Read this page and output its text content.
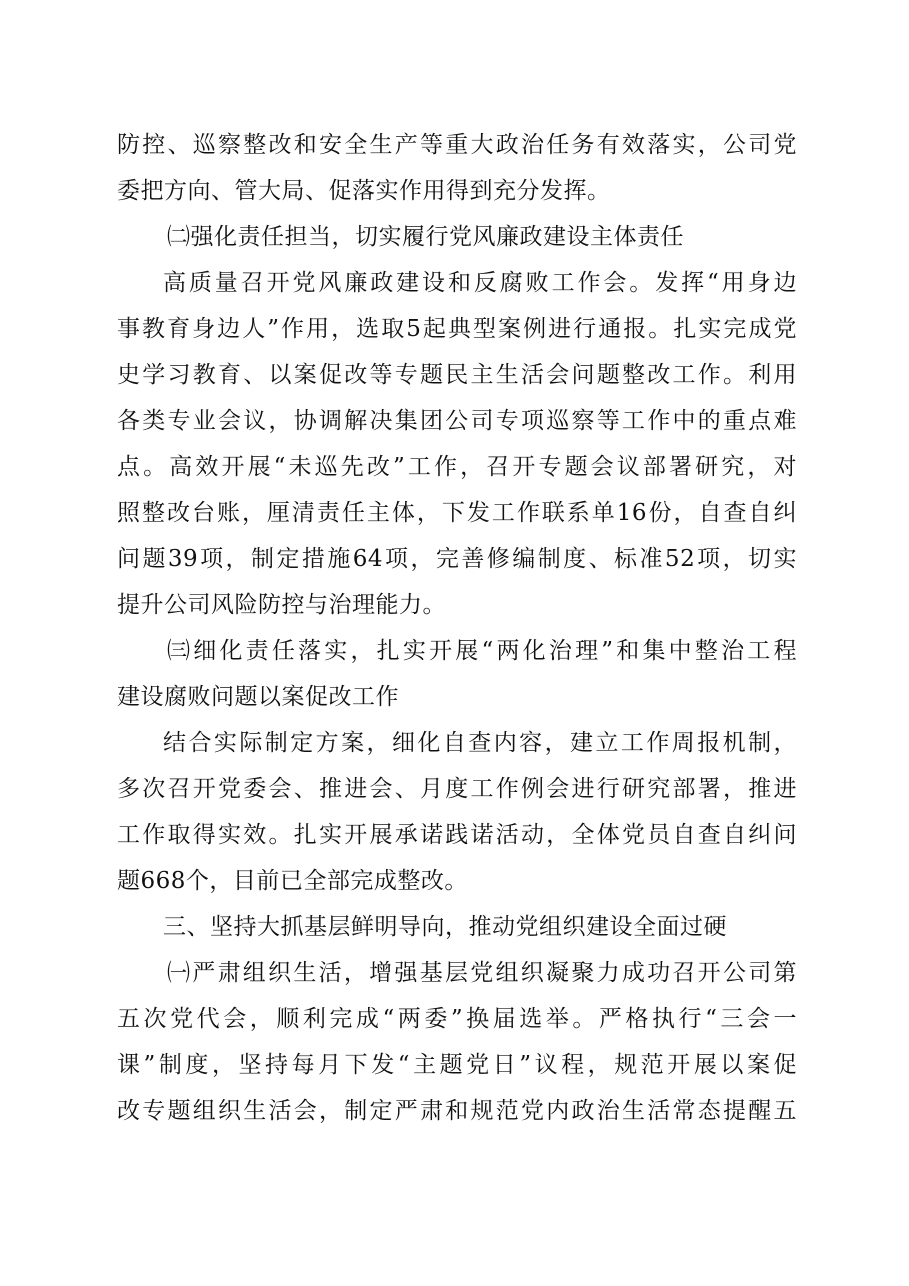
防控、巡察整改和安全生产等重大政治任务有效落实，公司党
委把方向、管大局、促落实作用得到充分发挥。
㈡强化责任担当，切实履行党风廉政建设主体责任
高质量召开党风廉政建设和反腐败工作会。发挥“用身边
事教育身边人”作用，选取5起典型案例进行通报。扎实完成党
史学习教育、以案促改等专题民主生活会问题整改工作。利用
各类专业会议，协调解决集团公司专项巡察等工作中的重点难
点。高效开展“未巡先改”工作，召开专题会议部署研究，对
照整改台账，厘清责任主体，下发工作联系单16份，自查自纠
问题39项，制定措施64项，完善修编制度、标准52项，切实
提升公司风险防控与治理能力。
㈢细化责任落实，扎实开展“两化治理”和集中整治工程
建设腐败问题以案促改工作
结合实际制定方案，细化自查内容，建立工作周报机制，
多次召开党委会、推进会、月度工作例会进行研究部署，推进
工作取得实效。扎实开展承诺践诺活动，全体党员自查自纠问
题668个，目前已全部完成整改。
三、坚持大抓基层鲜明导向，推动党组织建设全面过硬
㈠严肃组织生活，增强基层党组织凝聚力成功召开公司第
五次党代会，顺利完成“两委”换届选举。严格执行“三会一
课”制度，坚持每月下发“主题党日”议程，规范开展以案促
改专题组织生活会，制定严肃和规范党内政治生活常态提醒五
